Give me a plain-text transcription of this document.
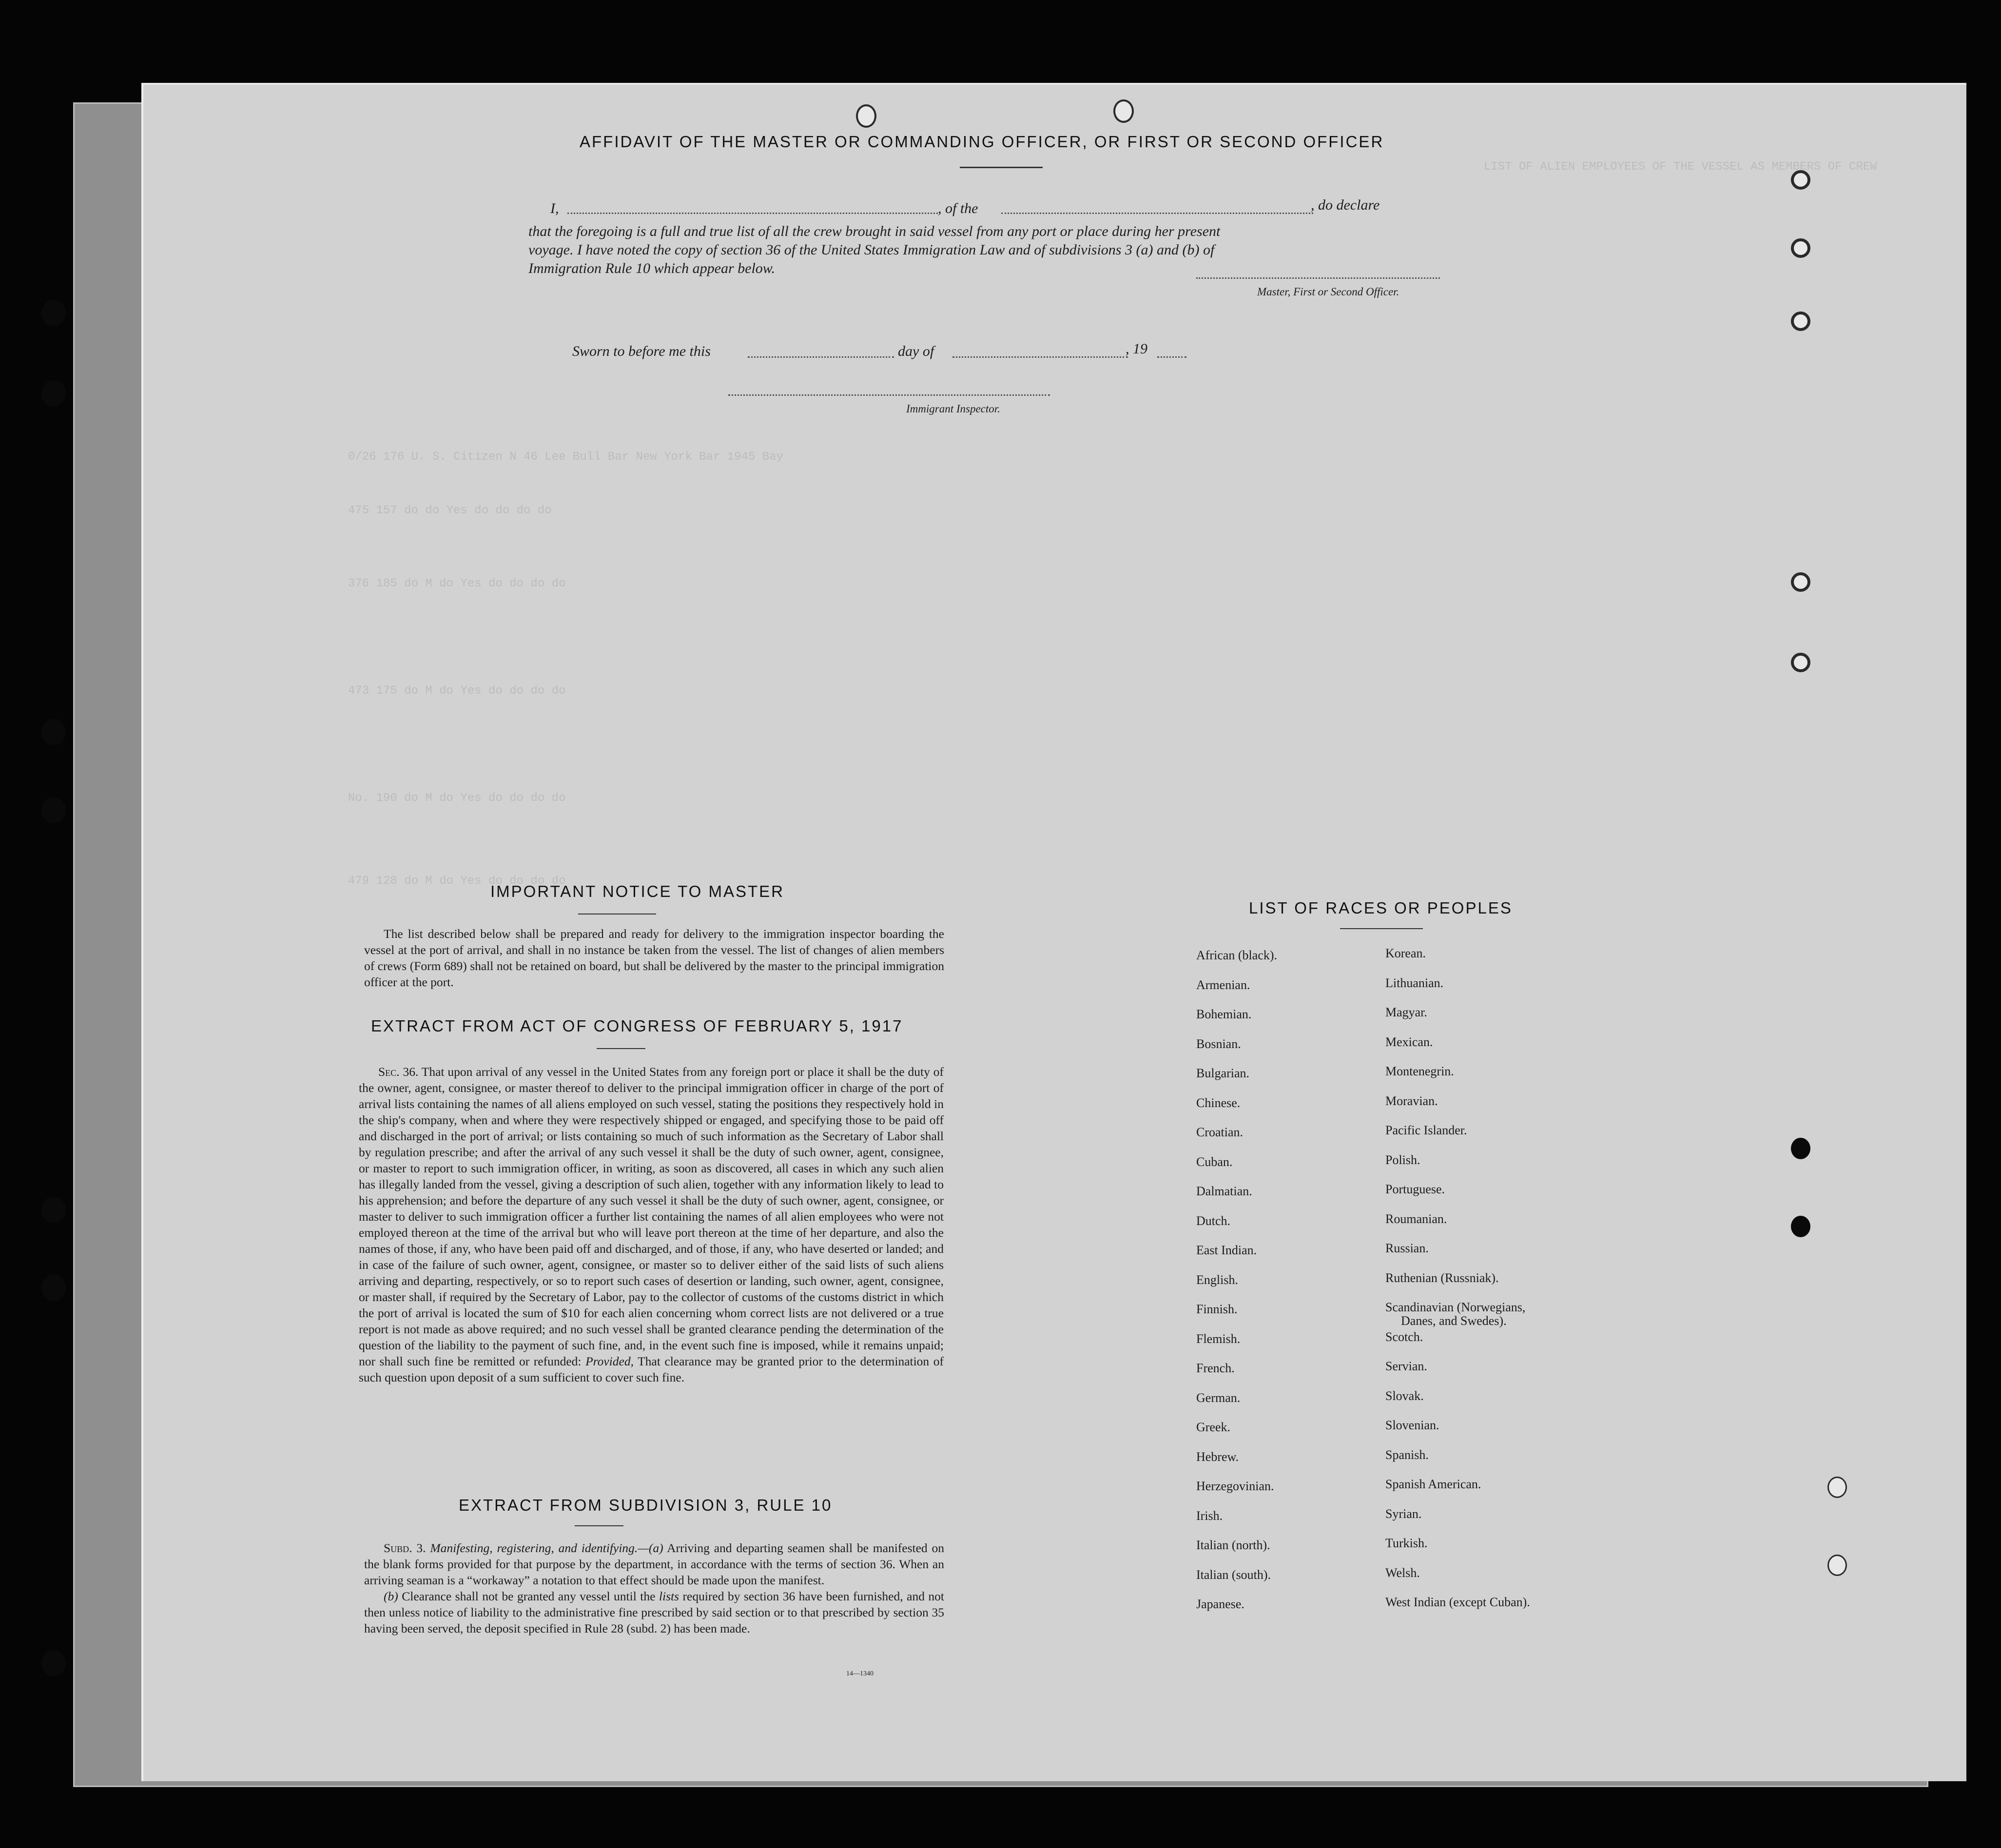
LIST OF ALIEN EMPLOYEES OF THE VESSEL AS MEMBERS OF CREW
0/26 176 U. S. Citizen N 46 Lee Bull Bar New York Bar 1945 Bay
475 157 do do Yes do do do do
376 185 do M do Yes do do do do
473 175 do M do Yes do do do do
No. 190 do M do Yes do do do do
479 128 do M do Yes do do do do
AFFIDAVIT OF THE MASTER OR COMMANDING OFFICER, OR FIRST OR SECOND OFFICER
I,	, of the	, do declare
that the foregoing is a full and true list of all the crew brought in said vessel from any port or place during her present
voyage. I have noted the copy of section 36 of the United States Immigration Law and of subdivisions 3 (a) and (b) of
Immigration Rule 10 which appear below.
Master, First or Second Officer.
Sworn to before me this	day of	, 19
Immigrant Inspector.
IMPORTANT NOTICE TO MASTER

The list described below shall be prepared and ready for delivery to the immigration inspector boarding the vessel at the port of arrival, and shall in no instance be taken from the vessel. The list of changes of alien members of crews (Form 689) shall not be retained on board, but shall be delivered by the master to the principal immigration officer at the port.

EXTRACT FROM ACT OF CONGRESS OF FEBRUARY 5, 1917

Sec. 36. That upon arrival of any vessel in the United States from any foreign port or place it shall be the duty of the owner, agent, consignee, or master thereof to deliver to the principal immigration officer in charge of the port of arrival lists containing the names of all aliens employed on such vessel, stating the positions they respectively hold in the ship's company, when and where they were respectively shipped or engaged, and specifying those to be paid off and discharged in the port of arrival; or lists containing so much of such information as the Secretary of Labor shall by regulation prescribe; and after the arrival of any such vessel it shall be the duty of such owner, agent, consignee, or master to report to such immigration officer, in writing, as soon as discovered, all cases in which any such alien has illegally landed from the vessel, giving a description of such alien, together with any information likely to lead to his apprehension; and before the departure of any such vessel it shall be the duty of such owner, agent, consignee, or master to deliver to such immigration officer a further list containing the names of all alien employees who were not employed thereon at the time of the arrival but who will leave port thereon at the time of her departure, and also the names of those, if any, who have been paid off and discharged, and of those, if any, who have deserted or landed; and in case of the failure of such owner, agent, consignee, or master so to deliver either of the said lists of such aliens arriving and departing, respectively, or so to report such cases of desertion or landing, such owner, agent, consignee, or master shall, if required by the Secretary of Labor, pay to the collector of customs of the customs district in which the port of arrival is located the sum of $10 for each alien concerning whom correct lists are not delivered or a true report is not made as above required; and no such vessel shall be granted clearance pending the determination of the question of the liability to the payment of such fine, and, in the event such fine is imposed, while it remains unpaid; nor shall such fine be remitted or refunded: Provided, That clearance may be granted prior to the determination of such question upon deposit of a sum sufficient to cover such fine.

EXTRACT FROM SUBDIVISION 3, RULE 10

Subd. 3. Manifesting, registering, and identifying.—(a) Arriving and departing seamen shall be manifested on the blank forms provided for that purpose by the department, in accordance with the terms of section 36. When an arriving seaman is a “workaway” a notation to that effect should be made upon the manifest.

(b) Clearance shall not be granted any vessel until the lists required by section 36 have been furnished, and not then unless notice of liability to the administrative fine prescribed by said section or to that prescribed by section 35 having been served, the deposit specified in Rule 28 (subd. 2) has been made.

14—1340
LIST OF RACES OR PEOPLES
African (black).
Armenian.
Bohemian.
Bosnian.
Bulgarian.
Chinese.
Croatian.
Cuban.
Dalmatian.
Dutch.
East Indian.
English.
Finnish.
Flemish.
French.
German.
Greek.
Hebrew.
Herzegovinian.
Irish.
Italian (north).
Italian (south).
Japanese.
Korean.
Lithuanian.
Magyar.
Mexican.
Montenegrin.
Moravian.
Pacific Islander.
Polish.
Portuguese.
Roumanian.
Russian.
Ruthenian (Russniak).
Scandinavian (Norwegians,
Danes, and Swedes).
Scotch.
Servian.
Slovak.
Slovenian.
Spanish.
Spanish American.
Syrian.
Turkish.
Welsh.
West Indian (except Cuban).
